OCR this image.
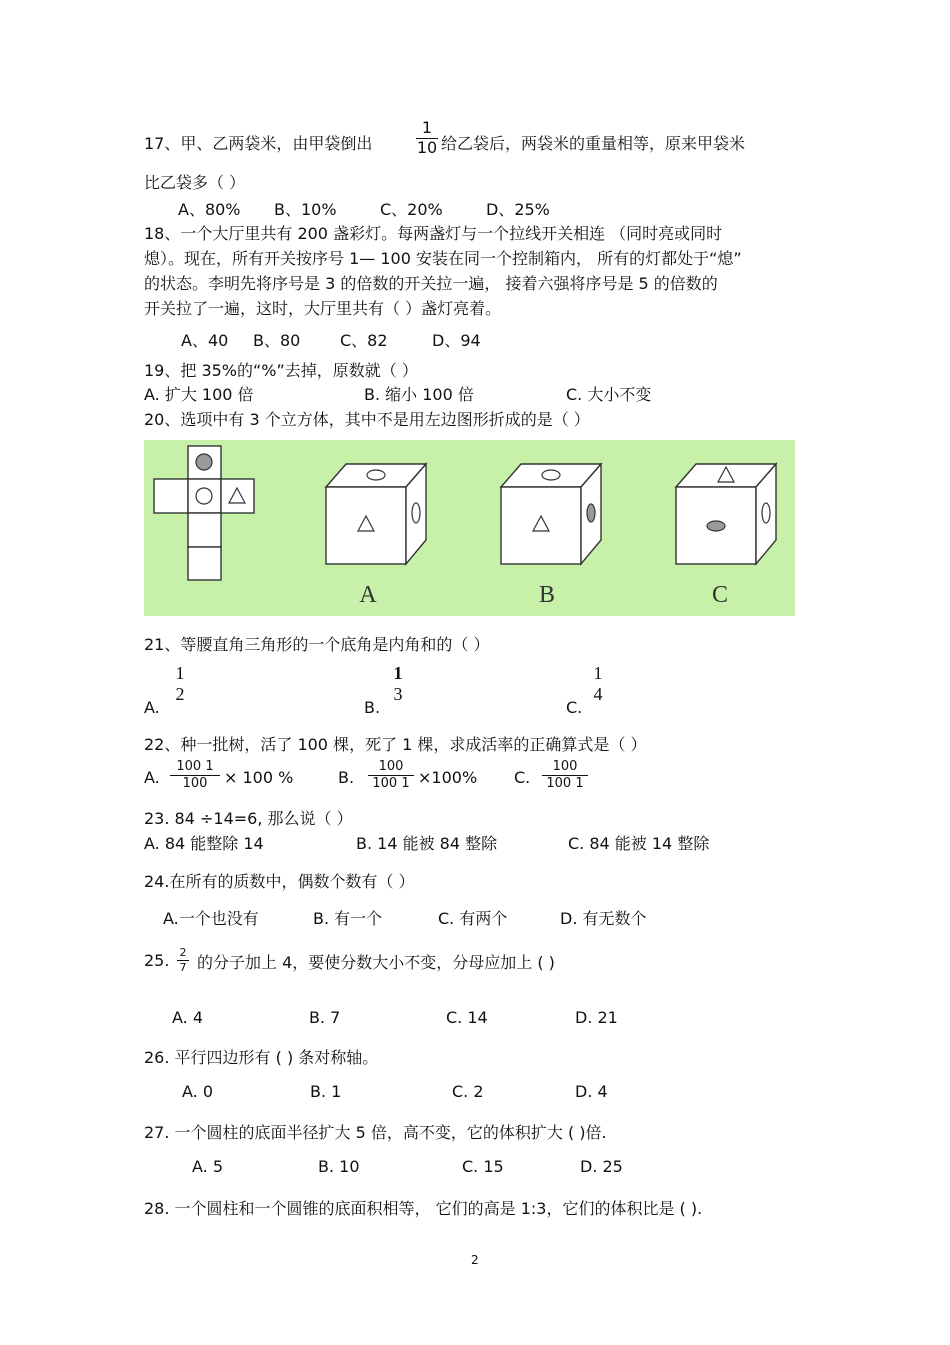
17、甲、乙两袋米，由甲袋倒出
1
10 给乙袋后，两袋米的重量相等，原来甲袋米
比乙袋多（ ）
A、80% B、10%	C、20%	D、25%
18、一个大厅里共有 200 盏彩灯。每两盏灯与一个拉线开关相连 （同时亮或同时
熄）。现在，所有开关按序号 1— 100 安装在同一个控制箱内， 所有的灯都处于“熄”
的状态。李明先将序号是 3 的倍数的开关拉一遍， 接着六强将序号是 5 的倍数的
开关拉了一遍，这时，大厅里共有（ ）盏灯亮着。
A、40 B、80 C、82	D、94
19、把 35%的“%”去掉，原数就（ ）
A. 扩大 100 倍	B. 缩小 100 倍	C. 大小不变
20、选项中有 3 个立方体，其中不是用左边图形折成的是（ ）
A	B	C
21、等腰直角三角形的一个底角是内角和的（ ）
A.
1
2
B.
1
3
C.
1
4
22、种一批树，活了 100 棵，死了 1 棵，求成活率的正确算式是（ ）
A.
100 1
100	× 100 %	B.
100
100 1 ×100% C.
100
100 1
23. 84 ÷14=6, 那么说（ ）
A. 84 能整除 14	B. 14 能被 84 整除	C. 84 能被 14 整除
24.在所有的质数中，偶数个数有（ ）
A.一个也没有	B. 有一个	C. 有两个	D. 有无数个
25. 2
7 的分子加上 4，要使分数大小不变，分母应加上 ( )
A. 4	B. 7	C. 14	D. 21
26. 平行四边形有 ( ) 条对称轴。
A. 0	B. 1	C. 2	D. 4
27. 一个圆柱的底面半径扩大 5 倍，高不变，它的体积扩大 ( )倍.
A. 5	B. 10	C. 15	D. 25
28. 一个圆柱和一个圆锥的底面积相等， 它们的高是 1:3，它们的体积比是 ( ).
2
